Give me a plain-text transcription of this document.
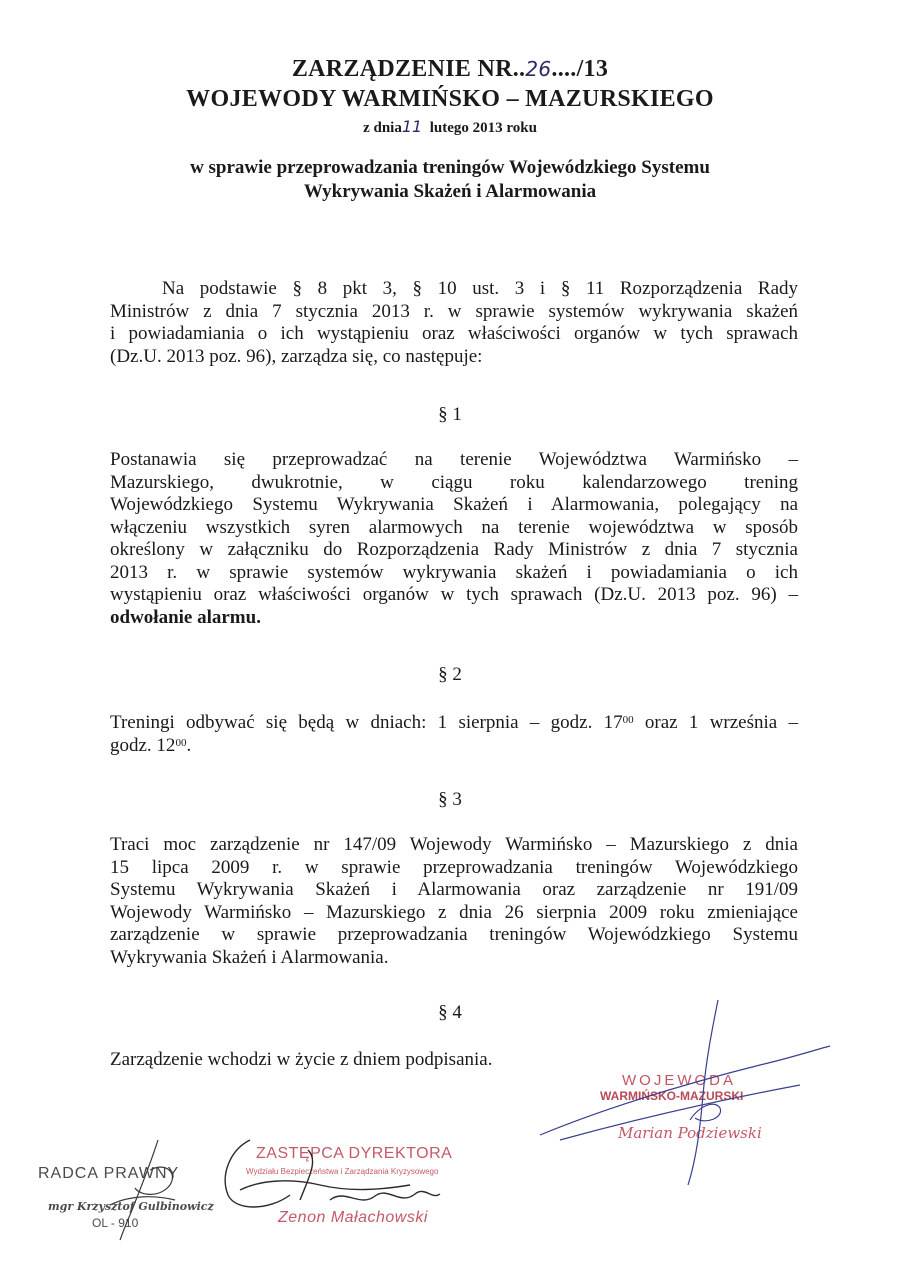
ZARZĄDZENIE NR..26..../13
WOJEWODY WARMIŃSKO – MAZURSKIEGO
z dnia11 lutego 2013 roku
w sprawie przeprowadzania treningów Wojewódzkiego Systemu
Wykrywania Skażeń i Alarmowania
Na podstawie § 8 pkt 3, § 10 ust. 3 i § 11 Rozporządzenia Rady
Ministrów z dnia 7 stycznia 2013 r. w sprawie systemów wykrywania skażeń
i powiadamiania o ich wystąpieniu oraz właściwości organów w tych sprawach
(Dz.U. 2013 poz. 96), zarządza się, co następuje:
§ 1
Postanawia się przeprowadzać na terenie Województwa Warmińsko –
Mazurskiego, dwukrotnie, w ciągu roku kalendarzowego trening
Wojewódzkiego Systemu Wykrywania Skażeń i Alarmowania, polegający na
włączeniu wszystkich syren alarmowych na terenie województwa w sposób
określony w załączniku do Rozporządzenia Rady Ministrów z dnia 7 stycznia
2013 r. w sprawie systemów wykrywania skażeń i powiadamiania o ich
wystąpieniu oraz właściwości organów w tych sprawach (Dz.U. 2013 poz. 96) –
odwołanie alarmu.
§ 2
Treningi odbywać się będą w dniach: 1 sierpnia – godz. $17^{00}$ oraz 1 września –
godz. $12^{00}$.
§ 3
Traci moc zarządzenie nr 147/09 Wojewody Warmińsko – Mazurskiego z dnia
15 lipca 2009 r. w sprawie przeprowadzania treningów Wojewódzkiego
Systemu Wykrywania Skażeń i Alarmowania oraz zarządzenie nr 191/09
Wojewody Warmińsko – Mazurskiego z dnia 26 sierpnia 2009 roku zmieniające
zarządzenie w sprawie przeprowadzania treningów Wojewódzkiego Systemu
Wykrywania Skażeń i Alarmowania.
§ 4
Zarządzenie wchodzi w życie z dniem podpisania.
WOJEWODA
WARMIŃSKO-MAZURSKI
Marian Podziewski
ZASTĘPCA DYREKTORA
Wydziału Bezpieczeństwa i Zarządzania Kryzysowego
Zenon Małachowski
RADCA PRAWNY
mgr Krzysztof Gulbinowicz
OL - 910
